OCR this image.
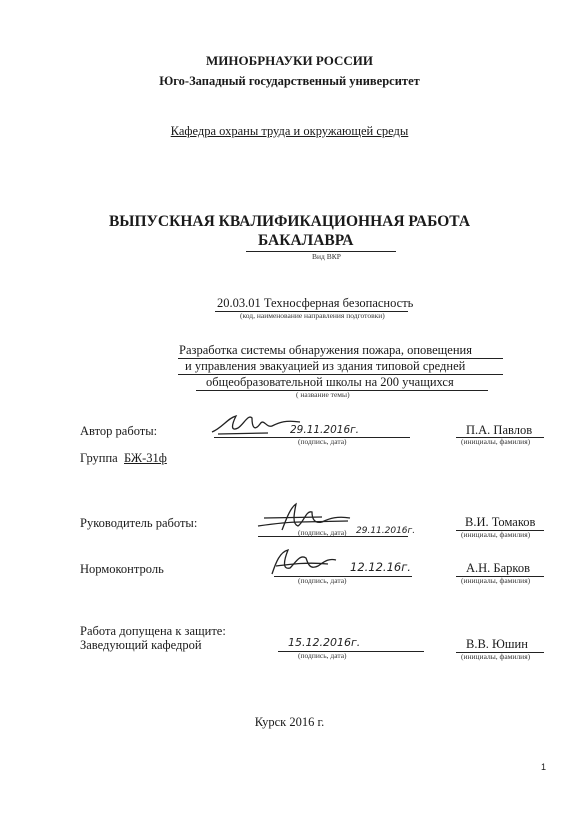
МИНОБРНАУКИ РОССИИ
Юго-Западный государственный университет
Кафедра охраны труда и окружающей среды
ВЫПУСКНАЯ КВАЛИФИКАЦИОННАЯ РАБОТА
БАКАЛАВРА
Вид ВКР
20.03.01 Техносферная безопасность
(код, наименование направления подготовки)
Разработка системы обнаружения пожара, оповещения
и управления эвакуацией из здания типовой средней
общеобразовательной школы на 200 учащихся
( название темы)
Автор работы:	29.11.2016г.
(подпись, дата)
П.А. Павлов
(инициалы, фамилия)
Группа БЖ-31ф
Руководитель работы:
29.11.2016г.
(подпись, дата)
В.И. Томаков
(инициалы, фамилия)
Нормоконтроль	12.12.16г.
(подпись, дата)
А.Н. Барков
(инициалы, фамилия)
Работа допущена к защите:
Заведующий кафедрой	15.12.2016г.
(подпись, дата)
В.В. Юшин
(инициалы, фамилия)
Курск 2016 г.
1
